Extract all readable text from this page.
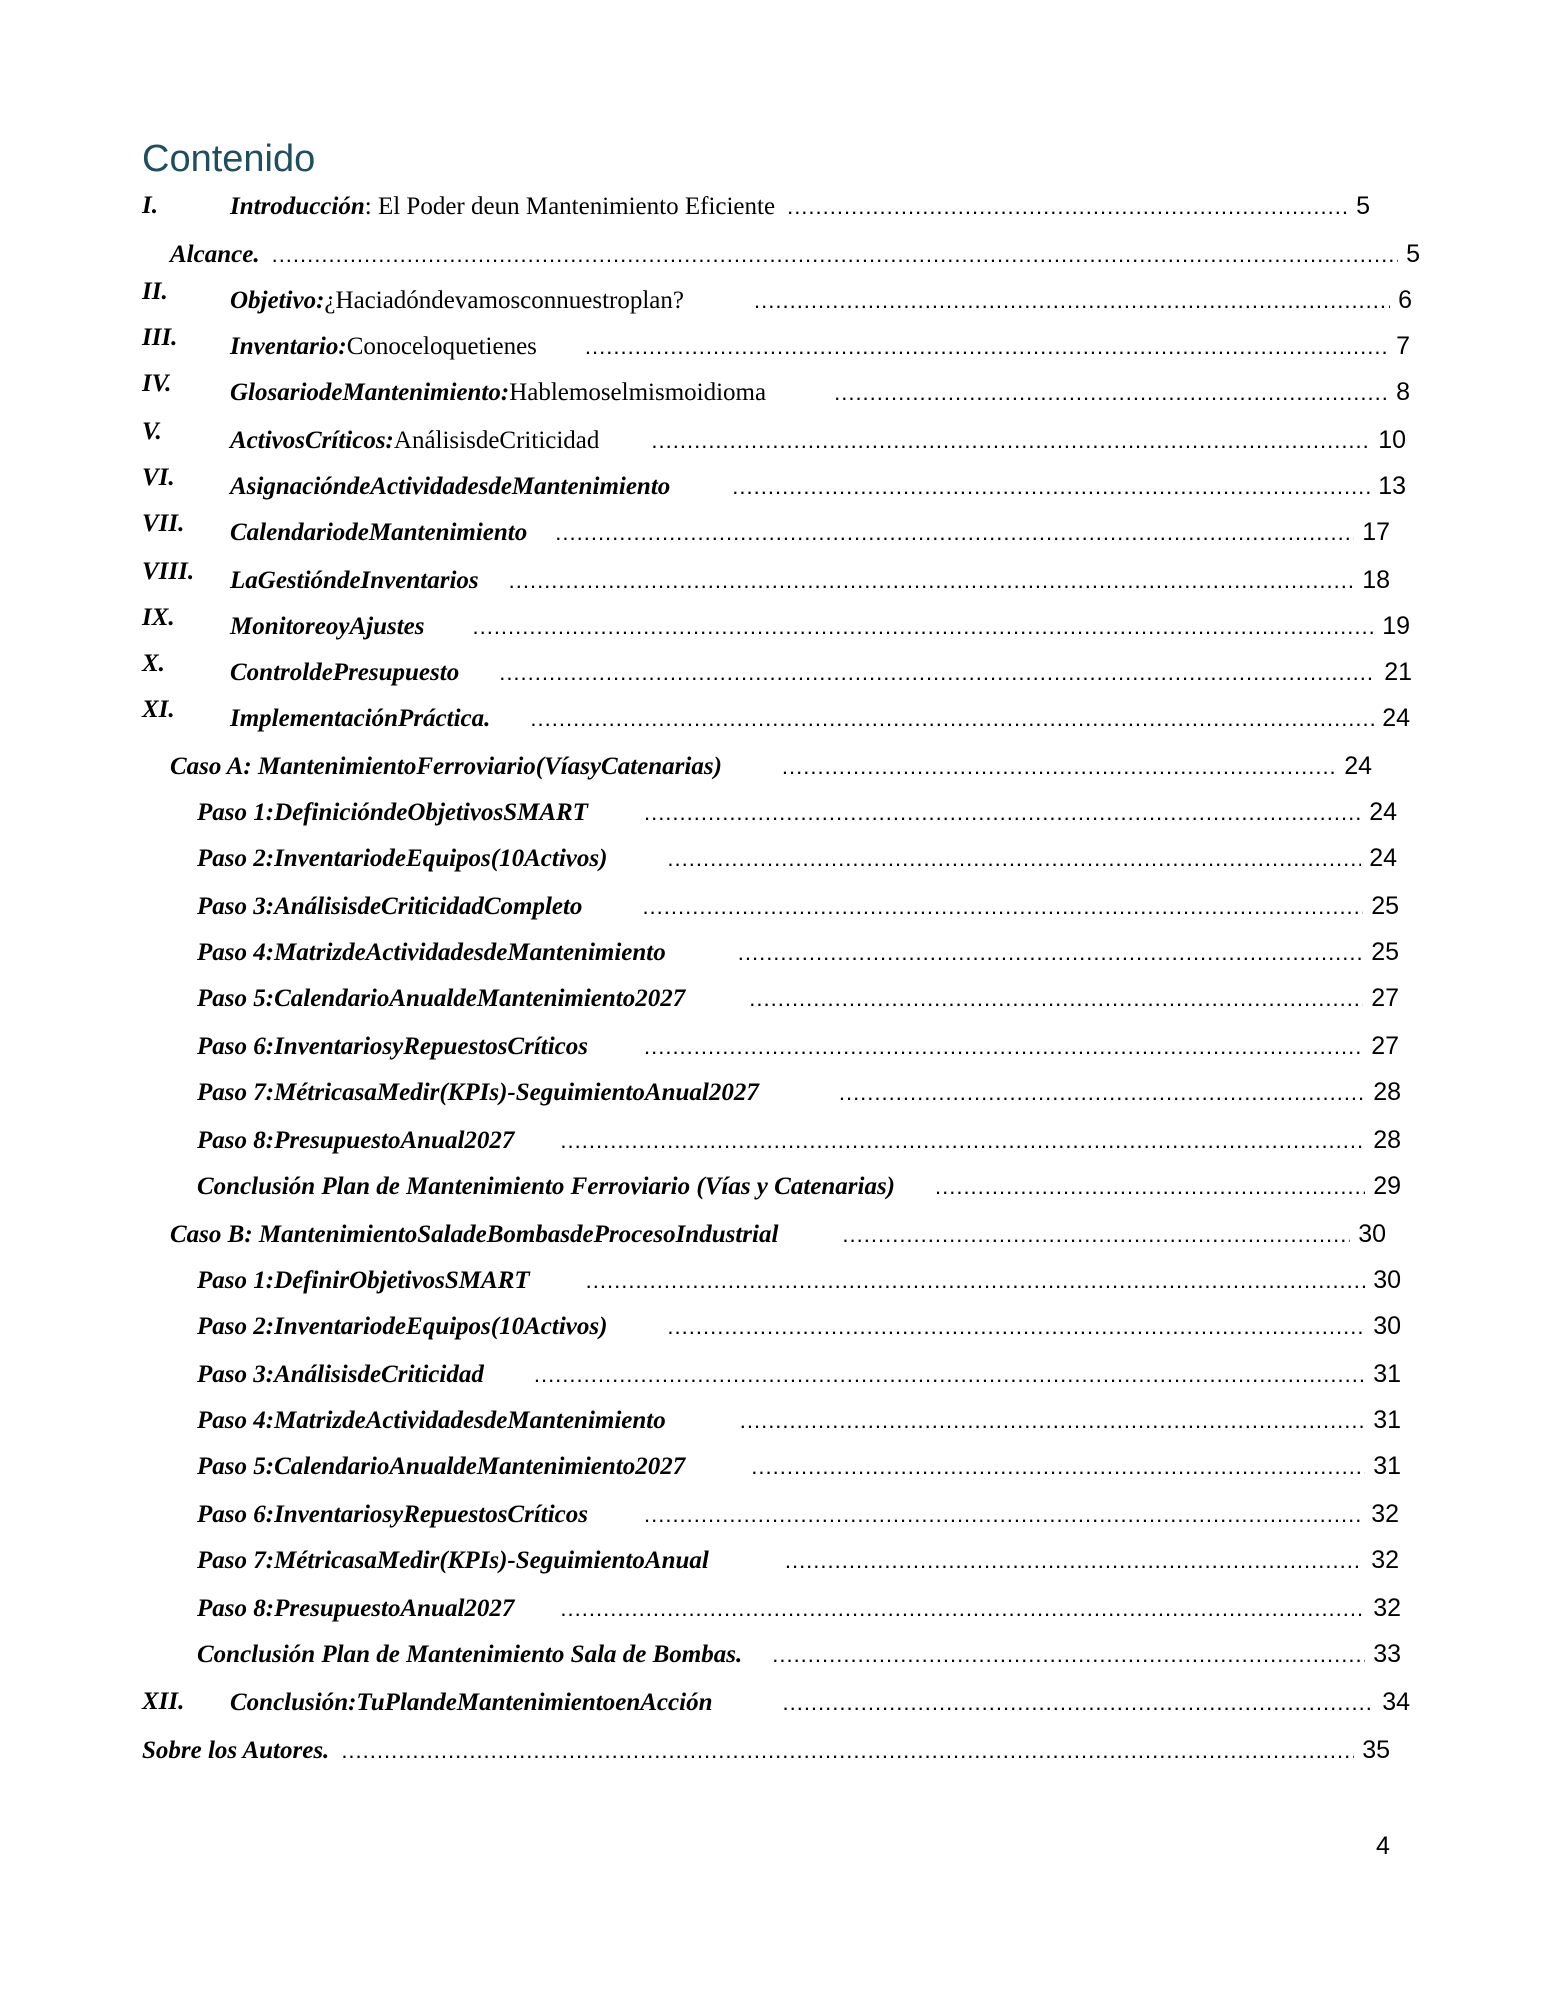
Contenido
I.	Introducción : El Poder deun Mantenimiento Eficiente .....	5
Alcance. .....	5
II. Objetivo: ¿Haciadóndevamosconnuestroplan? .....	6
III. Inventario: Conoceloquetienes .....	7
IV. GlosariodeMantenimiento: Hablemoselmismoidioma .....	8
V.	ActivosCríticos: AnálisisdeCriticidad .....	10
VI. AsignacióndeActividadesdeMantenimiento .....	13
VII. CalendariodeMantenimiento .....	17
VIII. LaGestióndeInventarios .....	18
IX. MonitoreoyAjustes .....	19
X.	ControldePresupuesto .....	21
XI. ImplementaciónPráctica. .....	24
Caso A: MantenimientoFerroviario(VíasyCatenarias) .....	24
Paso 1:DefinicióndeObjetivosSMART .....	24
Paso 2:InventariodeEquipos(10Activos) .....	24
Paso 3:AnálisisdeCriticidadCompleto .....	25
Paso 4:MatrizdeActividadesdeMantenimiento .....	25
Paso 5:CalendarioAnualdeMantenimiento2027 .....	27
Paso 6:InventariosyRepuestosCríticos .....	27
Paso 7:MétricasaMedir(KPIs)-SeguimientoAnual2027 .....	28
Paso 8:PresupuestoAnual2027 .....	28
Conclusión Plan de Mantenimiento Ferroviario (Vías y Catenarias) .....	29
Caso B: MantenimientoSaladeBombasdeProcesoIndustrial .....	30
Paso 1:DefinirObjetivosSMART .....	30
Paso 2:InventariodeEquipos(10Activos) .....	30
Paso 3:AnálisisdeCriticidad .....	31
Paso 4:MatrizdeActividadesdeMantenimiento .....	31
Paso 5:CalendarioAnualdeMantenimiento2027 .....	31
Paso 6:InventariosyRepuestosCríticos .....	32
Paso 7:MétricasaMedir(KPIs)-SeguimientoAnual .....	32
Paso 8:PresupuestoAnual2027 .....	32
Conclusión Plan de Mantenimiento Sala de Bombas. .....	33
XII. Conclusión:TuPlandeMantenimientoenAcción .....	34
Sobre los Autores. .....	35
4
